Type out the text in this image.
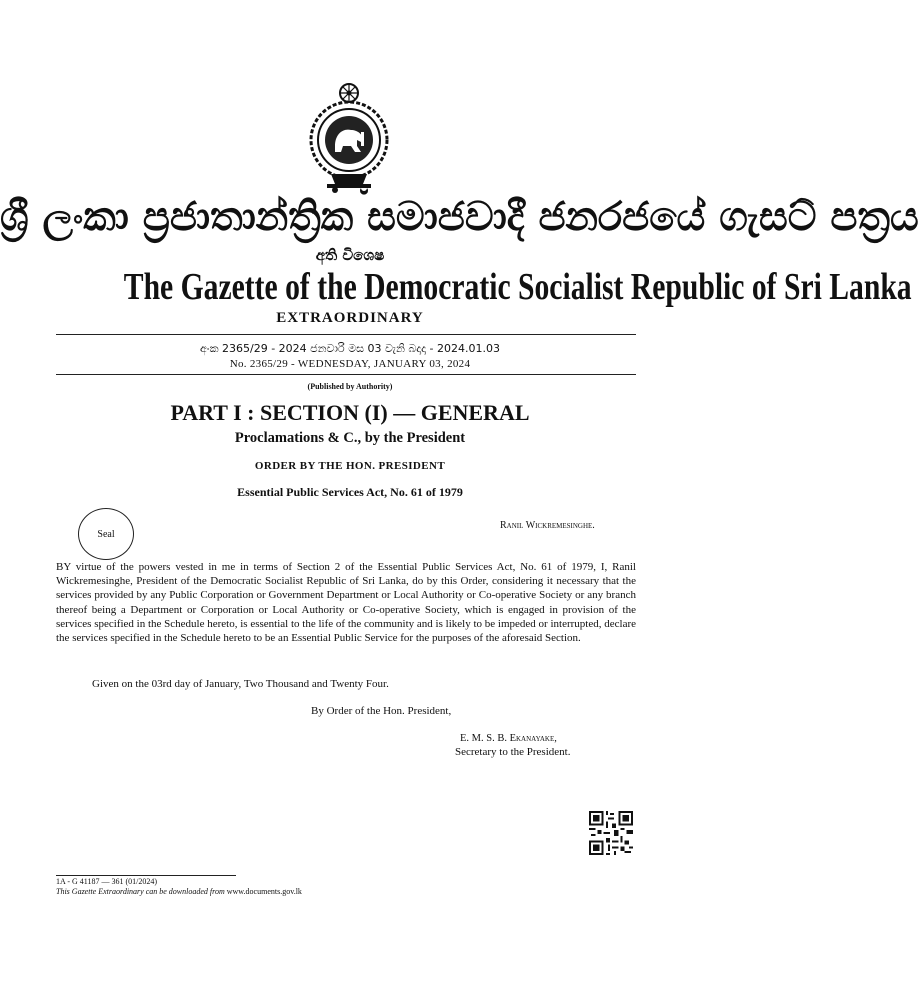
ශ්‍රී ලංකා ප්‍රජාතාන්ත්‍රික සමාජවාදී ජනරජයේ ගැසට් පත්‍රය
අති විශෙෂ
The Gazette of the Democratic Socialist Republic of Sri Lanka
EXTRAORDINARY
අංක 2365/29 - 2024 ජනවාරි මස 03 වැනි බදාදා - 2024.01.03
No. 2365/29 - WEDNESDAY, JANUARY 03, 2024
(Published by Authority)
PART I : SECTION (I) — GENERAL
Proclamations & C., by the President
ORDER BY THE HON. PRESIDENT
Essential Public Services Act, No. 61 of 1979
Seal
Ranil Wickremesinghe.
BY virtue of the powers vested in me in terms of Section 2 of the Essential Public Services Act, No. 61 of 1979, I, Ranil Wickremesinghe, President of the Democratic Socialist Republic of Sri Lanka, do by this Order, considering it necessary that the services provided by any Public Corporation or Government Department or Local Authority or Co-operative Society or any branch thereof being a Department or Corporation or Local Authority or Co-operative Society, which is engaged in provision of the services specified in the Schedule hereto, is essential to the life of the community and is likely to be impeded or interrupted, declare the services specified in the Schedule hereto to be an Essential Public Service for the purposes of the aforesaid Section.
Given on the 03rd day of January, Two Thousand and Twenty Four.
By Order of the Hon. President,
E. M. S. B. Ekanayake,
Secretary to the President.
1A - G 41187 — 361 (01/2024)
This Gazette Extraordinary can be downloaded from www.documents.gov.lk
